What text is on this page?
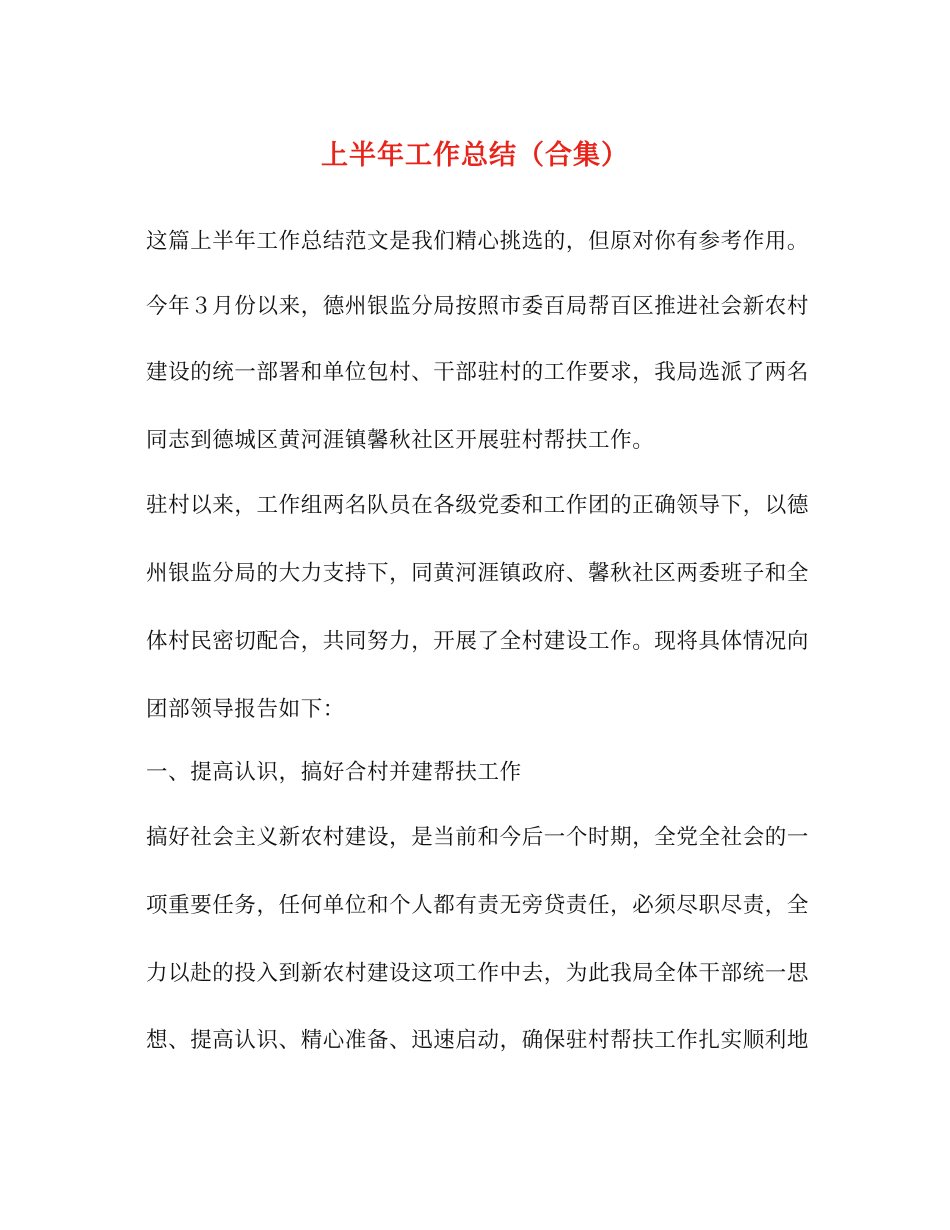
上半年工作总结（合集）
这篇上半年工作总结范文是我们精心挑选的，但原对你有参考作用。
今年３月份以来，德州银监分局按照市委百局帮百区推进社会新农村
建设的统一部署和单位包村、干部驻村的工作要求，我局选派了两名
同志到德城区黄河涯镇馨秋社区开展驻村帮扶工作。
驻村以来，工作组两名队员在各级党委和工作团的正确领导下，以德
州银监分局的大力支持下，同黄河涯镇政府、馨秋社区两委班子和全
体村民密切配合，共同努力，开展了全村建设工作。现将具体情况向
团部领导报告如下：
一、提高认识，搞好合村并建帮扶工作
搞好社会主义新农村建设，是当前和今后一个时期，全党全社会的一
项重要任务，任何单位和个人都有责无旁贷责任，必须尽职尽责，全
力以赴的投入到新农村建设这项工作中去，为此我局全体干部统一思
想、提高认识、精心准备、迅速启动，确保驻村帮扶工作扎实顺利地
